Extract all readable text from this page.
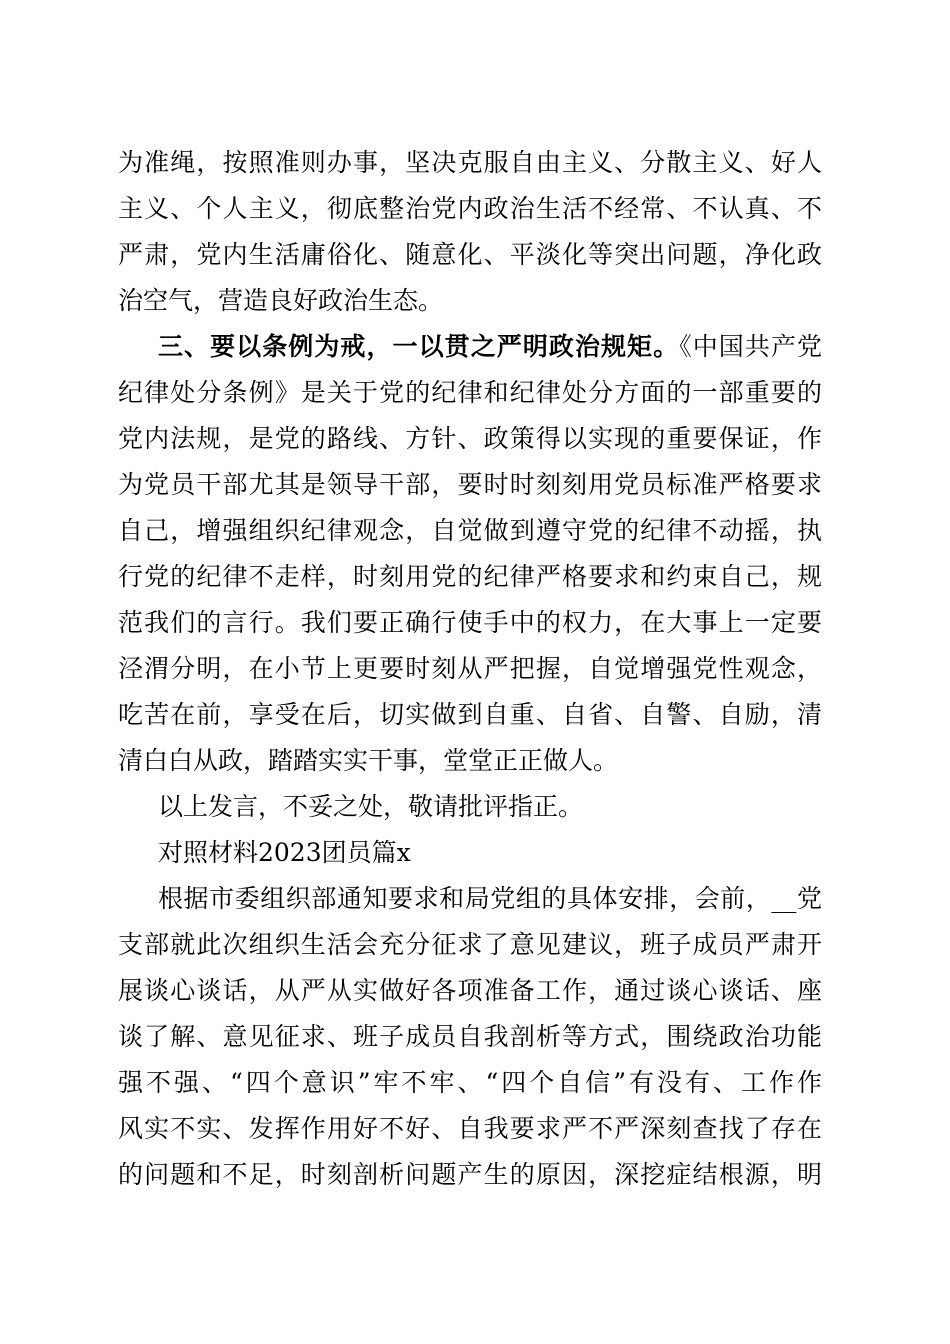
为准绳，按照准则办事，坚决克服自由主义、分散主义、好人
主义、个人主义，彻底整治党内政治生活不经常、不认真、不
严肃，党内生活庸俗化、随意化、平淡化等突出问题，净化政
治空气，营造良好政治生态。
三、要以条例为戒，一以贯之严明政治规矩。《中国共产党
纪律处分条例》是关于党的纪律和纪律处分方面的一部重要的
党内法规，是党的路线、方针、政策得以实现的重要保证，作
为党员干部尤其是领导干部，要时时刻刻用党员标准严格要求
自己，增强组织纪律观念，自觉做到遵守党的纪律不动摇，执
行党的纪律不走样，时刻用党的纪律严格要求和约束自己，规
范我们的言行。我们要正确行使手中的权力，在大事上一定要
泾渭分明，在小节上更要时刻从严把握，自觉增强党性观念，
吃苦在前，享受在后，切实做到自重、自省、自警、自励，清
清白白从政，踏踏实实干事，堂堂正正做人。
以上发言，不妥之处，敬请批评指正。
对照材料2023团员篇x
根据市委组织部通知要求和局党组的具体安排，会前，__党
支部就此次组织生活会充分征求了意见建议，班子成员严肃开
展谈心谈话，从严从实做好各项准备工作，通过谈心谈话、座
谈了解、意见征求、班子成员自我剖析等方式，围绕政治功能
强不强、“四个意识”牢不牢、“四个自信”有没有、工作作
风实不实、发挥作用好不好、自我要求严不严深刻查找了存在
的问题和不足，时刻剖析问题产生的原因，深挖症结根源，明
